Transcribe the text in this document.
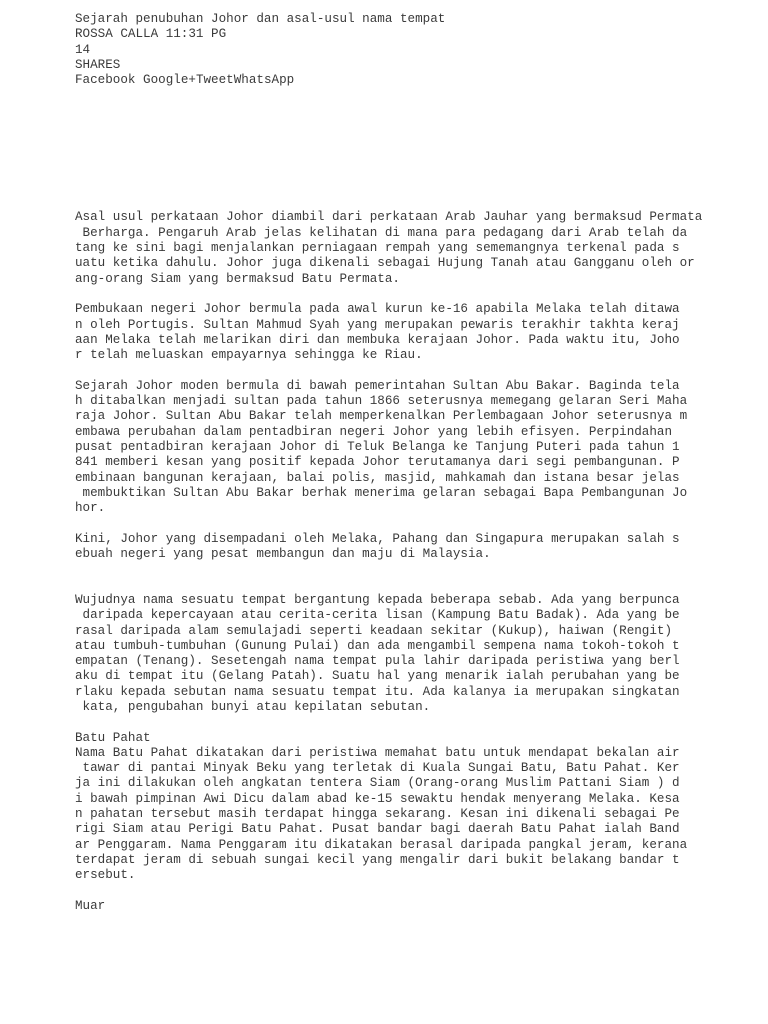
Sejarah penubuhan Johor dan asal-usul nama tempat
ROSSA CALLA 11:31 PG
14
SHARES
Facebook Google+TweetWhatsApp
Asal usul perkataan Johor diambil dari perkataan Arab Jauhar yang bermaksud Permata
Berharga. Pengaruh Arab jelas kelihatan di mana para pedagang dari Arab telah da
tang ke sini bagi menjalankan perniagaan rempah yang sememangnya terkenal pada s
uatu ketika dahulu. Johor juga dikenali sebagai Hujung Tanah atau Gangganu oleh or
ang-orang Siam yang bermaksud Batu Permata.
Pembukaan negeri Johor bermula pada awal kurun ke-16 apabila Melaka telah ditawa
n oleh Portugis. Sultan Mahmud Syah yang merupakan pewaris terakhir takhta keraj
aan Melaka telah melarikan diri dan membuka kerajaan Johor. Pada waktu itu, Joho
r telah meluaskan empayarnya sehingga ke Riau.
Sejarah Johor moden bermula di bawah pemerintahan Sultan Abu Bakar. Baginda tela
h ditabalkan menjadi sultan pada tahun 1866 seterusnya memegang gelaran Seri Maha
raja Johor. Sultan Abu Bakar telah memperkenalkan Perlembagaan Johor seterusnya m
embawa perubahan dalam pentadbiran negeri Johor yang lebih efisyen. Perpindahan
pusat pentadbiran kerajaan Johor di Teluk Belanga ke Tanjung Puteri pada tahun 1
841 memberi kesan yang positif kepada Johor terutamanya dari segi pembangunan. P
embinaan bangunan kerajaan, balai polis, masjid, mahkamah dan istana besar jelas
membuktikan Sultan Abu Bakar berhak menerima gelaran sebagai Bapa Pembangunan Jo
hor.
Kini, Johor yang disempadani oleh Melaka, Pahang dan Singapura merupakan salah s
ebuah negeri yang pesat membangun dan maju di Malaysia.
Wujudnya nama sesuatu tempat bergantung kepada beberapa sebab. Ada yang berpunca
daripada kepercayaan atau cerita-cerita lisan (Kampung Batu Badak). Ada yang be
rasal daripada alam semulajadi seperti keadaan sekitar (Kukup), haiwan (Rengit)
atau tumbuh-tumbuhan (Gunung Pulai) dan ada mengambil sempena nama tokoh-tokoh t
empatan (Tenang). Sesetengah nama tempat pula lahir daripada peristiwa yang berl
aku di tempat itu (Gelang Patah). Suatu hal yang menarik ialah perubahan yang be
rlaku kepada sebutan nama sesuatu tempat itu. Ada kalanya ia merupakan singkatan
kata, pengubahan bunyi atau kepilatan sebutan.
Batu Pahat
Nama Batu Pahat dikatakan dari peristiwa memahat batu untuk mendapat bekalan air
tawar di pantai Minyak Beku yang terletak di Kuala Sungai Batu, Batu Pahat. Ker
ja ini dilakukan oleh angkatan tentera Siam (Orang-orang Muslim Pattani Siam ) d
i bawah pimpinan Awi Dicu dalam abad ke-15 sewaktu hendak menyerang Melaka. Kesa
n pahatan tersebut masih terdapat hingga sekarang. Kesan ini dikenali sebagai Pe
rigi Siam atau Perigi Batu Pahat. Pusat bandar bagi daerah Batu Pahat ialah Band
ar Penggaram. Nama Penggaram itu dikatakan berasal daripada pangkal jeram, kerana
terdapat jeram di sebuah sungai kecil yang mengalir dari bukit belakang bandar t
ersebut.
Muar
